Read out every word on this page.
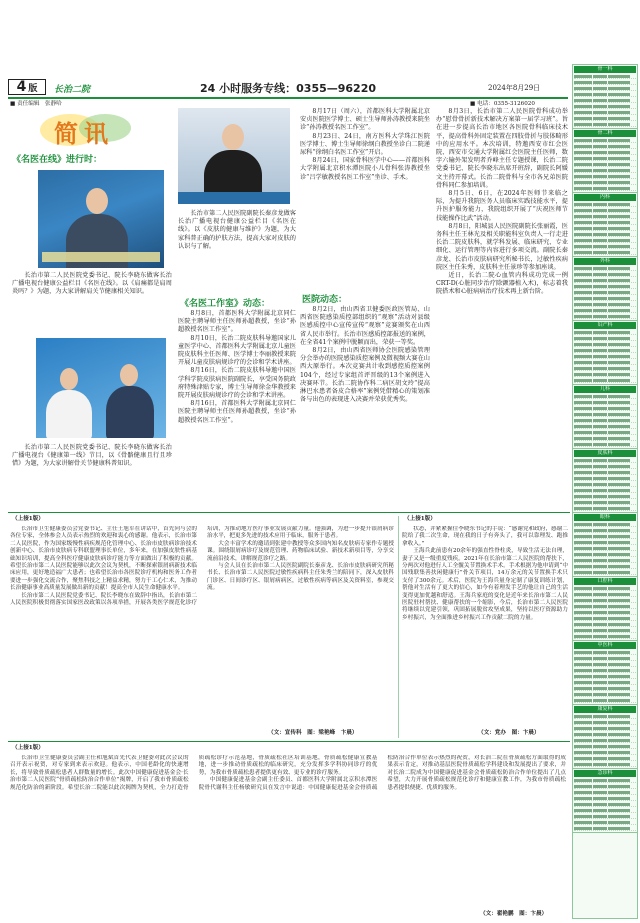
4 版 长治二院	24 小时服务专线：0355—96220	2024年8月29日
■ 责任编辑　张静哈	■ 电话：0355-3126020
简讯
《名医在线》进行时：

长治市第二人民医院党委书记、院长李晓东做客长治广播电视台健康公益栏目《名医在线》。以《肩痛都是肩周炎吗？》为题，为大家讲解肩关节健康相关知识。

长治市第二人民医院党委书记、院长李晓东做客长治广播电视台《健康第一线》节目，以《骨骼健康且行且珍惜》为题，为大家讲解骨关节健康科普知识。

长治市第二人民医院副院长秦彦龙做客长治广播电视台健康公益栏目《名医在线》。以《皮肤的健康与维护》为题，为大家科普正确的护肤方法，提高大家对皮肤的认识与了解。

《名医工作室》动态：

8月8日，首都医科大学附属北京同仁医院主聘导师主任医师孙超教授，坐诊“孙超教授名医工作室”。

8月10日，长治二院皮肤科导邀国家儿童医学中心、首都医科大学附属北京儿童医院皮肤科主任医师、医学博士李丽教授来院开展儿童皮肤病规诊疗的会诊和学术讲座。

8月16日，长治二院皮肤科导邀中国医学科学院皮肤病医院副院长，享受国务院政府特殊津贴专家，博士生导师徐金华教授来院开展皮肤病规诊疗的会诊和学术讲座。

8月16日，首都医科大学附属北京同仁医院主聘导师主任医师孙超教授，坐诊“孙超教授名医工作室”。

8月17日（周六），首都医科大学附属北京安贞医院医学博士、硕士生导师孙涛教授来院坐诊“孙涛教授名医工作室”。

8月23日、24日，南方医科大学珠江医院医学博士、博士生导师徐纲白教授坐诊白二院递尿科“徐纲白名医工作室”开启。

8月24日，国家骨科医学中心——首都医科大学附属北京积水潭医院小儿骨科张涛教授坐诊“吕学敏教授名医工作室”坐诊、手术。

医院动态：

8月2日，由山西省卫健委医政医管局、山西省医院感染质控部组织的“观察”活动对县级医感质控中心宣传宣传“观察”竞赛颁奖在山西省人民市举行。长治市医感质控部报送的案例，在全省41个案例中脱颖而出，荣获一等奖。

8月2日，由山西省医师协会医院感染管理分会举办的医院感染质控案例及微视频大赛在山西大原举行。本次竞赛共计收到感控质控案例104个，经过专家组首评晋级的13个案例进入决赛环节。长治二院协作科二病区胡文玲“提高淋巴水患者备皮合格率”案例凭借精心的策划准备与出色的表现进入决赛并荣获优秀奖。

8月3日，长治市第二人民医院骨科成功举办“慰骨骨折新技术解决方案第一届学习班”。旨在进一步提高长治市地区各医院骨科临床技术平，提高骨科外固定装置在四肢骨折与肢体畸形中的应用水平。本次培训，特邀西安市红会医院、西安市交通大学附属红会医院主任医师，数字六输外架发明者乔峰主任专题授课，长治二院党委书记、院长李晓东出席开班辞，副院长阿媛文主持开幕式。长治二院骨科与全市各兄弟医院骨科同仁参加培训。

8月5日、6日，在2024年医师节来临之际，为提升我院医务人员临床实践技能水平，提升医护服务能力，我院组织开展了“庆祝医师节技能操作比武”活动。

8月8日，阳城县人民医院副院长张丽霞，医务科主任王林光及相关职能科室负责人一行走进长治二院皮肤科，就学科发展、临床研究、专业细化、运行管理等内容进行多项交流。副院长秦彦龙、长治市皮肤病研究所秘书长，过敏性疾病院区主任朱秀，皮肤科主任景珍等参加座谈。

近日，长治二院心血管内科成功完成一例CRT-D(心脏同步治疗除颤器植入术)，标志着我院搭术和心脏病病治疗技术再上新台阶。

（上接1版）

长治市卫生健康委员会党委书记、主任王旭军在讲话中，首先向与会的各位专家，全体参会人员表示热烈的欢迎和衷心的感谢。他表示，长治市第二人民医院，作为国家级慢性病疾规范化管理中心、长治市皮肤病诊治技术创新中心、长治市皮肤病专科联盟理事长单位，多年来，在加强皮肤性病基础知识培训，提高全科医疗健康皮肤病诊疗能力等方面做出了积极的贡献。希望长治市第二人民医院能够以此次会议为契机，不断探索银屑病新技术临床应用，更好地造福广大患者；也希望长治市各医院诊疗机构和医务工作者要进一步强化交流合作，聚焦科技之上精益求精，努力干工心仁术，为推动长治健康事业高质量发展做出新的贡献！提高全市人民生命健康水平。

长治市第二人民医院党委书记、院长李晓东在致辞中指出，长治市第二人民医院积极贯彻落实国家医改政策以各项举措，开展各类医学规范化诊疗培训，为推动地方医疗事业发展贡献力量。他强调，为进一步提升银屑病诊治水平，把更多先进的技术应用于临床，服务于患者。

大会丰富学术的邀请到张建中教授等众多国内知名皮肤病专家作专题授课。围绕银屑病诊疗及规范管理、药物临床试验、新技术新项目等，分享交流前沿技术，讲解规范诊疗之路。

与会人员在长治市第二人民医院副院长秦彦龙、长治市皮肤病研究所秘书长、长治市第二人民医院过敏性疾病科主任朱秀兰的陪同下，深入皮肤科门诊区、日间诊疗区、银屑病病区，过敏性疾病等病区及关资料室，参观交流。

（文：宣传科　图：梁艳峰　卞晨）
（上接1版）

状态，并紧紧握住李晓东书记的手说：“感谢党和政府，感谢二院给了我二次生命，现在我的日子有奔头了，我可以靠理发、跑推拿收入。”

王海兵此前患有20余年的强直性脊柱炎，导致生活无法自理，妻子又是一级重度残疾。2021年在长治市第二人民医院的帮扶下，分两次对他进行人工全髋关节置换术手术。手术根据为他申请到“中国残联集善扶闲健康行”骨关节项目，14万余元的关节置换手术只支付了300余元。术后，医院为王海兵量身定制了康复训练计划，帮他对生活有了更大的信心，如今有着理发手艺的他让自己的生活变得更加优越和舒适。王海兵家庭的变化是近年来长治市第二人民医院驻村帮扶、健康帮扶的一个缩影，今后，长治市第二人民医院将继续以党建引领，巩固拓展脱贫攻坚成果，坚持以医疗资源助力乡村振兴，为全面推进乡村振兴工作贡献二院的力量。

（文：党办　图：卞晨）
（上接1版）

长治市卫生健康委员会副主任和旭斌首先代表卫健委对此次会议的召开表示祝贺，对专家到来表示欢迎。他表示，中国老龄化的快速增长，将导致骨质疏松患者人群数量的增长。此次中国健康促进基金会·长治市第二人民医院“骨质疏松防治合作单位”揭牌，开启了我市骨质疏松规范化防治的新阶段。希望长治二院能以此次揭牌为契机，全力打造骨质疏松诊疗示范基地，骨质疏松社区培训基地，骨质疏松健康宣教基地，进一步推动骨质疏松的临床研究，充分发挥多学科协同诊疗的优势，为我市骨质疏松患者提供更有效、更专业的诊疗服务。

中国健康促进基金会副主任委员、首都医科大学附属北京积水潭医院骨代谢科主任杨敏研究员在发言中说道：中国健康促进基金会骨质疏松防治合作单位表示热烈的祝贺，对长治二院在骨质疏松方面取得的成果表示肯定，对推动基层医院骨质疏松学科建设和发展提出了要求，并对长治二院成为中国健康促进基金会骨质疏松防治合作单位提出了几点希望，大力开展骨质疏松规范化诊疗和健康宣教工作，为我市骨质疏松患者提供便捷、优质的服务。

（文：翟艳鹏　图：卞晨）
骨一科
骨二科
内科
外科
妇产科
儿科
皮肤科
眼科
口腔科
中医科
康复科
急诊科
